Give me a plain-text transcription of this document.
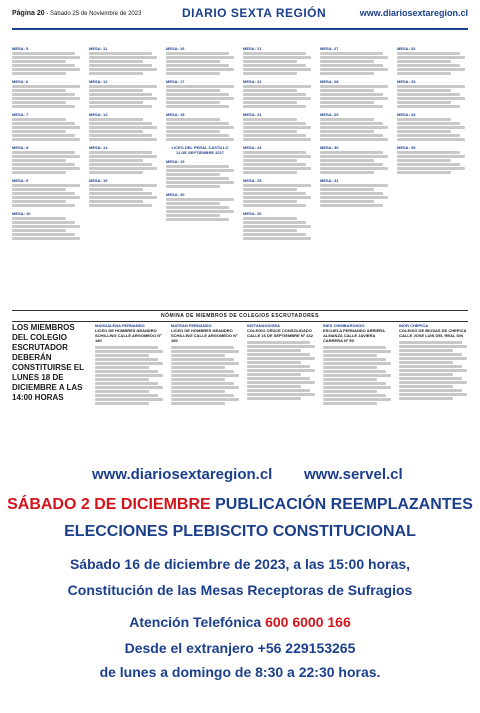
Página 20 - Sábado 25 de Noviembre de 2023	DIARIO SEXTA REGIÓN	www.diariosextaregion.cl
MESA: 5
MESA: 6
MESA: 7
MESA: 8
MESA: 9
MESA: 10
MESA: 11
MESA: 12
MESA: 13
MESA: 14
MESA: 15
MESA: 16
MESA: 17
MESA: 18
LICEO DEL PERAL CASTILLO
11 DE SEPTIEMBRE 3227
MESA: 19
MESA: 20
MESA: 21
MESA: 22
MESA: 23
MESA: 24
MESA: 25
MESA: 26
MESA: 27
MESA: 28
MESA: 29
MESA: 30
MESA: 31
MESA: 32
MESA: 33
MESA: 34
MESA: 35
NÓMINA DE MIEMBROS DE COLEGIOS ESCRUTADORES
LOS MIEMBROS DEL COLEGIO ESCRUTADOR DEBERÁN CONSTITUIRSE EL LUNES 18 DE DICIEMBRE A LAS 14:00 HORAS
MAGDALENA FERNANDO
LICEO DE HOMBRES NEANDRO SCHILLING CALLE ARGOMEDO Nº 180
MATEAN FERNANDO
LICEO DE HOMBRES NEANDRO SCHILLING CALLE ARGOMEDO Nº 180
INSTANAGIOSEA
COLEGIO CRUCE CONSOLIDADO CALLE 16 DE SEPTIEMBRE Nº 432
INES CHIMBARONGO
ESCUELA FERNANDO ARRIERA ALMANZA CALLE JAVIERA CARRERA Nº 50
INOR CHEPICA
COLEGIO DE BIOSAS DE CHEPICA CALLE JOSE LUIS DEL REAL S/N
www.diariosextaregion.cl www.servel.cl
SÁBADO 2 DE DICIEMBRE PUBLICACIÓN REEMPLAZANTES
ELECCIONES PLEBISCITO CONSTITUCIONAL
Sábado 16 de diciembre de 2023, a las 15:00 horas,
Constitución de las Mesas Receptoras de Sufragios
Atención Telefónica 600 6000 166
Desde el extranjero +56 229153265
de lunes a domingo de 8:30 a 22:30 horas.
